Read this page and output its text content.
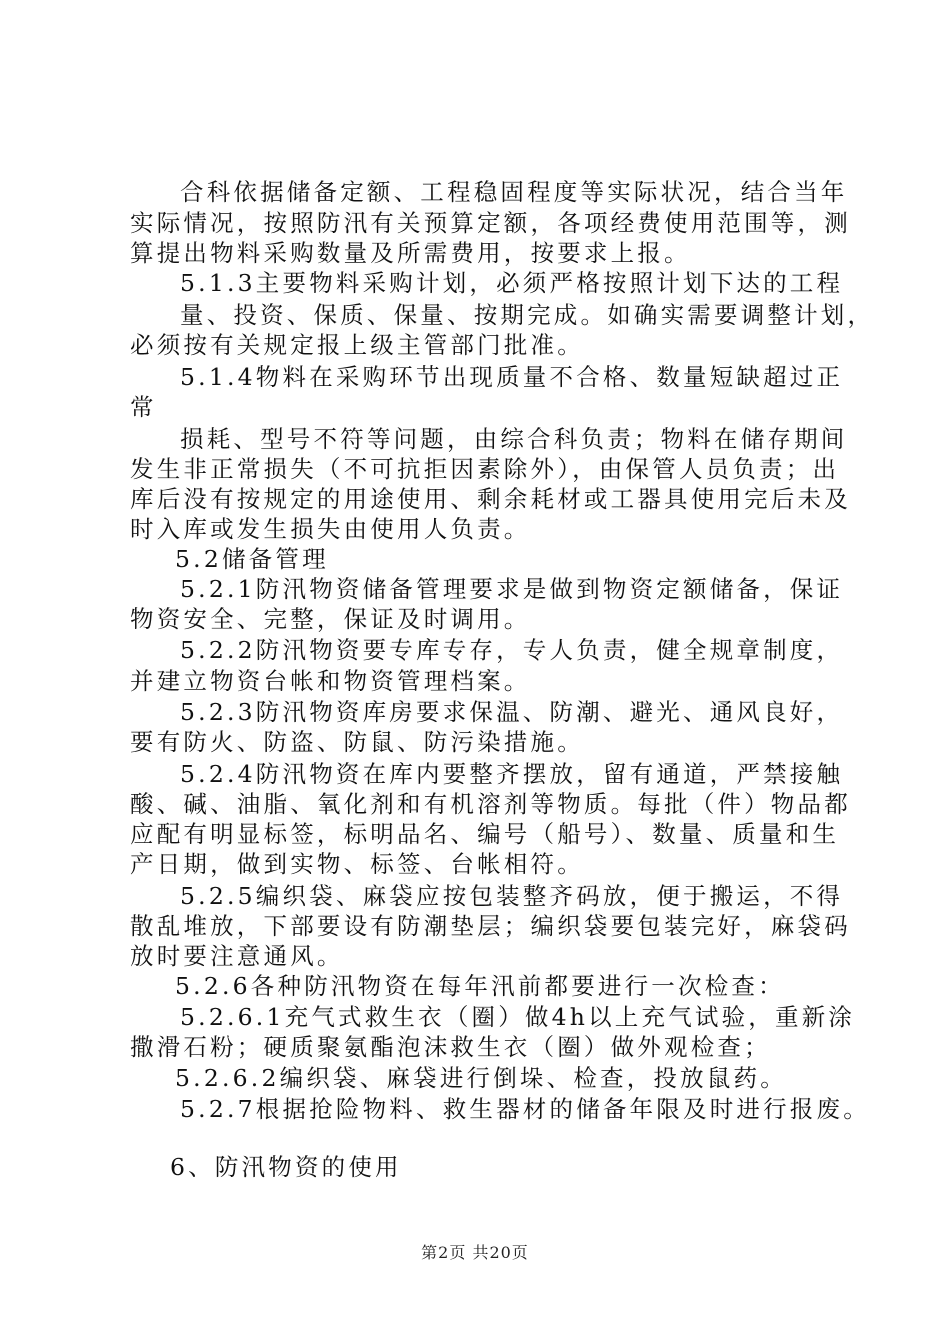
合科依据储备定额、工程稳固程度等实际状况，结合当年
实际情况，按照防汛有关预算定额，各项经费使用范围等，测
算提出物料采购数量及所需费用，按要求上报。
5.1.3主要物料采购计划，必须严格按照计划下达的工程
量、投资、保质、保量、按期完成。如确实需要调整计划，
必须按有关规定报上级主管部门批准。
5.1.4物料在采购环节出现质量不合格、数量短缺超过正
常
损耗、型号不符等问题，由综合科负责；物料在储存期间
发生非正常损失（不可抗拒因素除外），由保管人员负责；出
库后没有按规定的用途使用、剩余耗材或工器具使用完后未及
时入库或发生损失由使用人负责。
5.2储备管理
5.2.1防汛物资储备管理要求是做到物资定额储备，保证
物资安全、完整，保证及时调用。
5.2.2防汛物资要专库专存，专人负责，健全规章制度，
并建立物资台帐和物资管理档案。
5.2.3防汛物资库房要求保温、防潮、避光、通风良好，
要有防火、防盗、防鼠、防污染措施。
5.2.4防汛物资在库内要整齐摆放，留有通道，严禁接触
酸、碱、油脂、氧化剂和有机溶剂等物质。每批（件）物品都
应配有明显标签，标明品名、编号（船号）、数量、质量和生
产日期，做到实物、标签、台帐相符。
5.2.5编织袋、麻袋应按包装整齐码放，便于搬运，不得
散乱堆放，下部要设有防潮垫层；编织袋要包装完好，麻袋码
放时要注意通风。
5.2.6各种防汛物资在每年汛前都要进行一次检查：
5.2.6.1充气式救生衣（圈）做4h以上充气试验，重新涂
撒滑石粉；硬质聚氨酯泡沫救生衣（圈）做外观检查；
5.2.6.2编织袋、麻袋进行倒垛、检查，投放鼠药。
5.2.7根据抢险物料、救生器材的储备年限及时进行报废。
6、防汛物资的使用
第2页 共20页
